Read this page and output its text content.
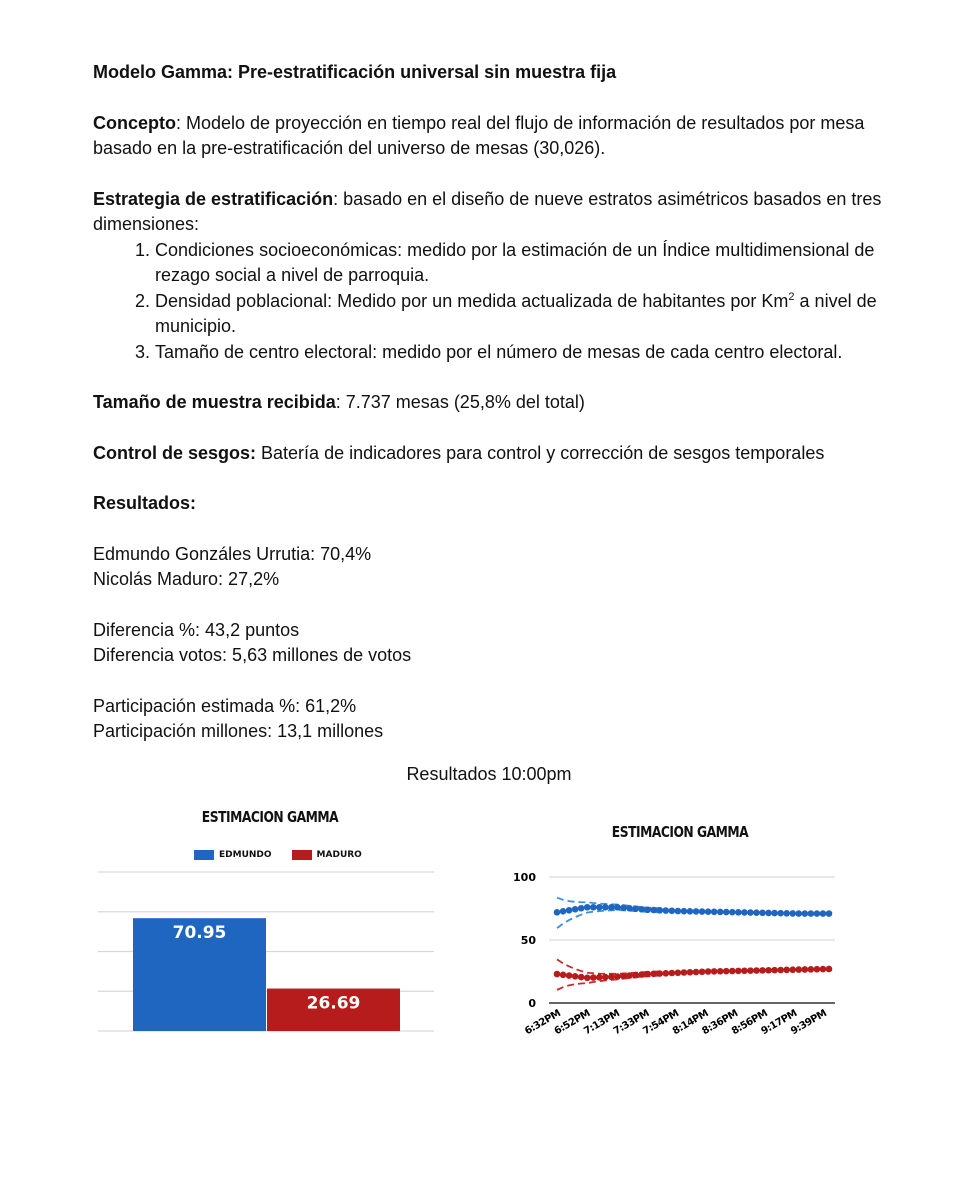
Modelo Gamma: Pre-estratificación universal sin muestra fija

Concepto: Modelo de proyección en tiempo real del flujo de información de resultados por mesa basado en la pre-estratificación del universo de mesas (30,026).

Estrategia de estratificación: basado en el diseño de nueve estratos asimétricos basados en tres dimensiones:

1. Condiciones socioeconómicas: medido por la estimación de un Índice multidimensional de rezago social a nivel de parroquia.
2. Densidad poblacional: Medido por un medida actualizada de habitantes por Km$^2$ a nivel de municipio.
3. Tamaño de centro electoral: medido por el número de mesas de cada centro electoral.

Tamaño de muestra recibida: 7.737 mesas (25,8% del total)

Control de sesgos: Batería de indicadores para control y corrección de sesgos temporales

Resultados:

Edmundo Gonzáles Urrutia: 70,4%

Nicolás Maduro: 27,2%

Diferencia %: 43,2 puntos

Diferencia votos: 5,63 millones de votos

Participación estimada %: 61,2%

Participación millones: 13,1 millones

Resultados 10:00pm
ESTIMACION GAMMA
EDMUNDO	MADURO
70.95
26.69
ESTIMACION GAMMA
0
50
100
6:32PM
6:52PM
7:13PM
7:33PM
7:54PM
8:14PM
8:36PM
8:56PM
9:17PM
9:39PM
